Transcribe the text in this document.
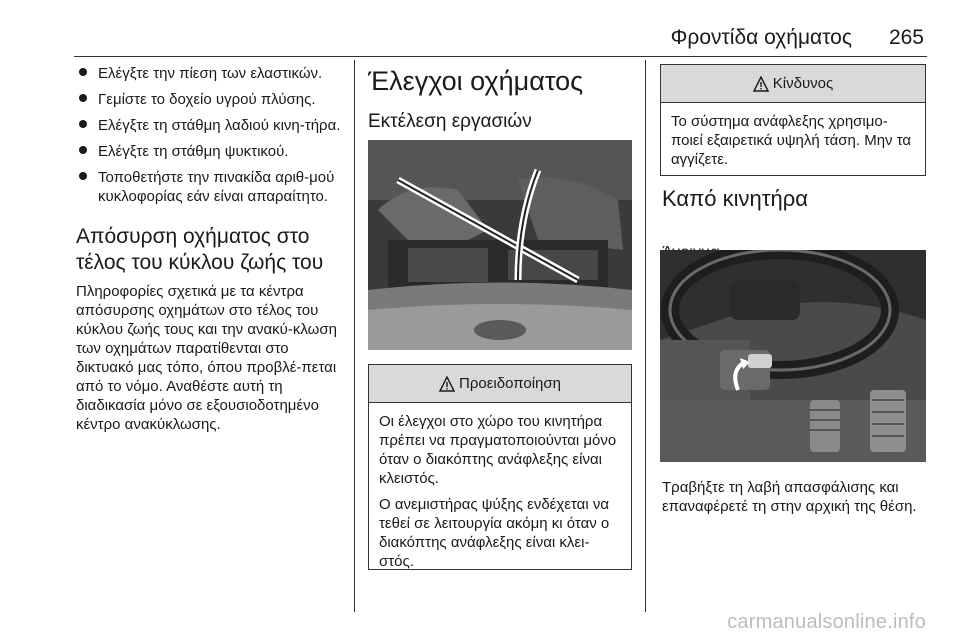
Φροντίδα οχήματος 265
Ελέγξτε την πίεση των ελαστικών.
Γεμίστε το δοχείο υγρού πλύσης.
Ελέγξτε τη στάθμη λαδιού κινη-τήρα.
Ελέγξτε τη στάθμη ψυκτικού.
Τοποθετήστε την πινακίδα αριθ-μού κυκλοφορίας εάν είναι απαραίτητο.
Απόσυρση οχήματος στο τέλος του κύκλου ζωής του

Πληροφορίες σχετικά με τα κέντρα απόσυρσης οχημάτων στο τέλος του κύκλου ζωής τους και την ανακύ-κλωση των οχημάτων παρατίθενται στο δικτυακό μας τόπο, όπου προβλέ-πεται από το νόμο. Αναθέστε αυτή τη διαδικασία μόνο σε εξουσιοδοτημένο κέντρο ανακύκλωσης.

Έλεγχοι οχήματος
Εκτέλεση εργασιών
Προειδοποίηση

Οι έλεγχοι στο χώρο του κινητήρα πρέπει να πραγματοποιούνται μόνο όταν ο διακόπτης ανάφλεξης είναι κλειστός.

Ο ανεμιστήρας ψύξης ενδέχεται να τεθεί σε λειτουργία ακόμη κι όταν ο διακόπτης ανάφλεξης είναι κλει-στός.

Κίνδυνος

Το σύστημα ανάφλεξης χρησιμο-ποιεί εξαιρετικά υψηλή τάση. Μην τα αγγίζετε.

Καπό κινητήρα

Τραβήξτε τη λαβή απασφάλισης και επαναφέρετέ τη στην αρχική της θέση.

carmanualsonline.info
